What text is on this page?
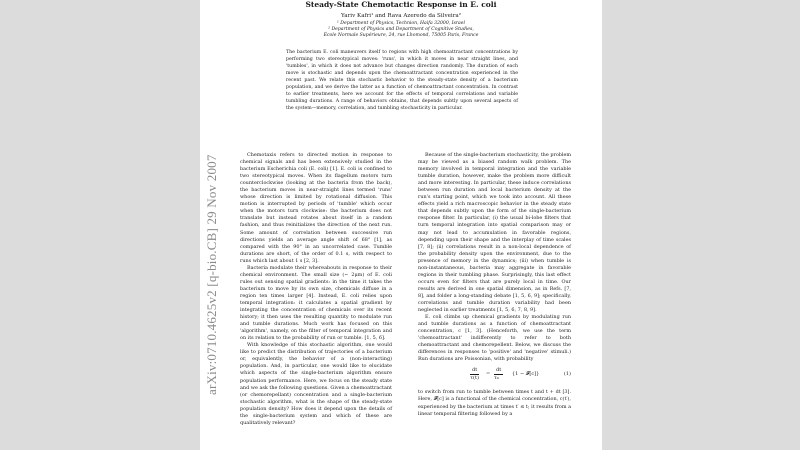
Steady-State Chemotactic Response in E. coli
Yariv Kafri¹ and Rava Azeredo da Silveira²
¹ Department of Physics, Technion, Haifa 32000, Israel
² Department of Physics and Department of Cognitive Studies,
École Normale Supérieure, 24, rue Lhomond, 75005 Paris, France
The bacterium E. coli maneuvers itself to regions with high chemoattractant concentrations by performing two stereotypical moves: 'runs', in which it moves in near straight lines, and 'tumbles', in which it does not advance but changes direction randomly. The duration of each move is stochastic and depends upon the chemoattractant concentration experienced in the recent past. We relate this stochastic behavior to the steady-state density of a bacterium population, and we derive the latter as a function of chemoattractant concentration. In contrast to earlier treatments, here we account for the effects of temporal correlations and variable tumbling durations. A range of behaviors obtains, that depends subtly upon several aspects of the system—memory, correlation, and tumbling stochasticity in particular.

Chemotaxis refers to directed motion in response to chemical signals and has been extensively studied in the bacterium Escherichia coli (E. coli) [1]. E. coli is confined to two stereotypical moves. When its flagellum motors turn counterclockwise (looking at the bacteria from the back), the bacterium moves in near-straight lines termed 'runs' whose direction is limited by rotational diffusion. This motion is interrupted by periods of 'tumble' which occur when the motors turn clockwise: the bacterium does not translate but instead rotates about itself in a random fashion, and thus reinitializes the direction of the next run. Some amount of correlation between successive run directions yields an average angle shift of 68° [1], as compared with the 90° in an uncorrelated case. Tumble durations are short, of the order of 0.1 s, with respect to runs which last about 1 s [2, 3].

Bacteria modulate their whereabouts in response to their chemical environment. The small size (∼ 2μm) of E. coli rules out sensing spatial gradients: in the time it takes the bacterium to move by its own size, chemicals diffuse in a region ten times larger [4]. Instead, E. coli relies upon temporal integration: it calculates a spatial gradient by integrating the concentration of chemicals over its recent history; it then uses the resulting quantity to modulate run and tumble durations. Much work has focused on this 'algorithm', namely, on the filter of temporal integration and on its relation to the probability of run or tumble. [1, 5, 6].

With knowledge of this stochastic algorithm, one would like to predict the distribution of trajectories of a bacterium or, equivalently, the behavior of a (non-interacting) population. And, in particular, one would like to elucidate which aspects of the single-bacterium algorithm ensure population performance. Here, we focus on the steady state and we ask the following questions. Given a chemoattractant (or chemorepellant) concentration and a single-bacterium stochastic algorithm, what is the shape of the steady-state population density? How does it depend upon the details of the single-bacterium system and which of these are qualitatively relevant?

Because of the single-bacterium stochasticity, the problem may be viewed as a biased random walk problem. The memory involved in temporal integration and the variable tumble duration, however, make the problem more difficult and more interesting. In particular, these induce correlations between run duration and local bacterium density at the run's starting point, which we took into account. All these effects yield a rich macroscopic behavior in the steady state that depends subtly upon the form of the single-bacterium response filter. In particular, (i) the usual bi-lobe filters that turn temporal integration into spatial comparison may or may not lead to accumulation in favorable regions, depending upon their shape and the interplay of time scales [7, 8]; (ii) correlations result in a non-local dependence of the probability density upon the environment, due to the presence of memory in the dynamics; (iii) when tumble is non-instantaneous, bacteria may aggregate in favorable regions in their tumbling phase. Surprisingly, this last effect occurs even for filters that are purely local in time. Our results are derived in one spatial dimension, as in Refs. [7, 8], and folder a long-standing debate [1, 5, 6, 9]; specifically, correlations and tumble duration variability had been neglected in earlier treatments [1, 5, 6, 7, 8, 9].

E. coli climbs up chemical gradients by modulating run and tumble durations as a function of chemoattractant concentration, c [1, 3]. (Henceforth, we use the term 'chemoattractant' indifferently to refer to both chemoattractant and chemorepellent. Below, we discuss the differences in responses to 'positive' and 'negative' stimuli.) Run durations are Poissonian, with probability

$\frac{dt}{\tau(t)} = \frac{dt}{\text{τ₀}} \{1$ − 𝓕[c]}	(1)

to switch from run to tumble between times t and t + dt [3]. Here, 𝓕[c] is a functional of the chemical concentration, c(t′), experienced by the bacterium at times t′ ≤ t; it results from a linear temporal filtering followed by a

arXiv:0710.4625v2 [q-bio.CB] 29 Nov 2007
